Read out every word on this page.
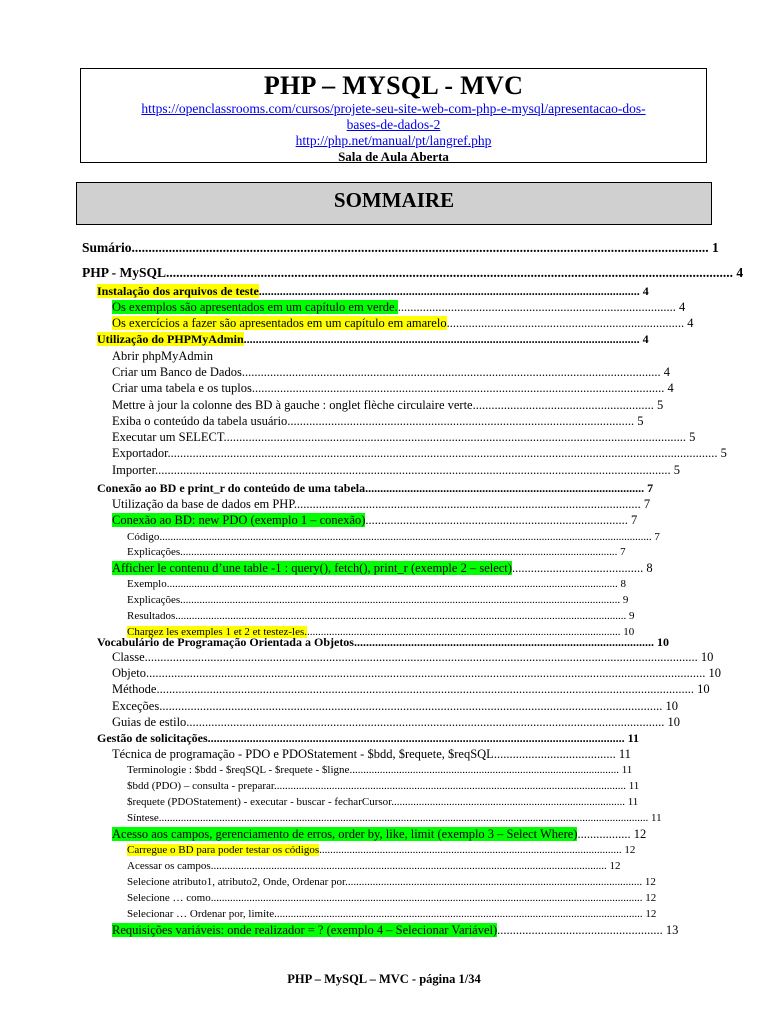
PHP – MYSQL - MVC
https://openclassrooms.com/cursos/projete-seu-site-web-com-php-e-mysql/apresentacao-dos-
bases-de-dados-2
http://php.net/manual/pt/langref.php
Sala de Aula Aberta
SOMMAIRE
Sumário........................................................................................................................................................................... 1
PHP - MySQL........................................................................................................................................................................ 4
Instalação dos arquivos de teste............................................................................................................................... 4
Os exemplos são apresentados em um capítulo em verde.......................................................................................... 4
Os exercícios a fazer são apresentados em um capítulo em amarelo............................................................................ 4
Utilização do PHPMyAdmin.................................................................................................................................... 4
Abrir phpMyAdmin
Criar um Banco de Dados...................................................................................................................................... 4
Criar uma tabela e os tuplos.................................................................................................................................... 4
Mettre à jour la colonne des BD à gauche : onglet flèche circulaire verte.......................................................... 5
Exiba o conteúdo da tabela usuário............................................................................................................... 5
Executar um SELECT.................................................................................................................................................... 5
Exportador................................................................................................................................................................................ 5
Importer..................................................................................................................................................................... 5
Conexão ao BD e print_r do conteúdo de uma tabela............................................................................................. 7
Utilização da base de dados em PHP............................................................................................................... 7
Conexão ao BD: new PDO (exemplo 1 – conexão).................................................................................... 7
Código................................................................................................................................................................................... 7
Explicações............................................................................................................................................................... 7
Afficher le contenu d’une table -1 : query(), fetch(), print_r (exemple 2 – select).......................................... 8
Exemplo.................................................................................................................................................................... 8
Explicações................................................................................................................................................................ 9
Resultados.................................................................................................................................................................... 9
Chargez les exemples 1 et 2 et testez-les................................................................................................................... 10
Vocabulário de Programação Orientada a Objetos.................................................................................................... 10
Classe................................................................................................................................................................................. 10
Objeto................................................................................................................................................................................... 10
Méthode............................................................................................................................................................................ 10
Exceções................................................................................................................................................................. 10
Guias de estilo......................................................................................................................................................... 10
Gestão de solicitações........................................................................................................................................... 11
Técnica de programação - PDO e PDOStatement - $bdd, $requete, $reqSQL....................................... 11
Terminologie : $bdd - $reqSQL - $requete - $ligne.................................................................................................. 11
$bdd (PDO) – consulta - preparar................................................................................................................................ 11
$requete (PDOStatement) - executar - buscar - fecharCursor..................................................................................... 11
Síntese.................................................................................................................................................................................. 11
Acesso aos campos, gerenciamento de erros, order by, like, limit (exemplo 3 – Select Where)................. 12
Carregue o BD para poder testar os códigos.............................................................................................................. 12
Acessar os campos................................................................................................................................................ 12
Selecione atributo1, atributo2, Onde, Ordenar por............................................................................................................ 12
Selecione … como............................................................................................................................................................. 12
Selecionar … Ordenar por, limite...................................................................................................................................... 12
Requisições variáveis: onde realizador = ? (exemplo 4 – Selecionar Variável)..................................................... 13
PHP – MySQL – MVC - página 1/34
